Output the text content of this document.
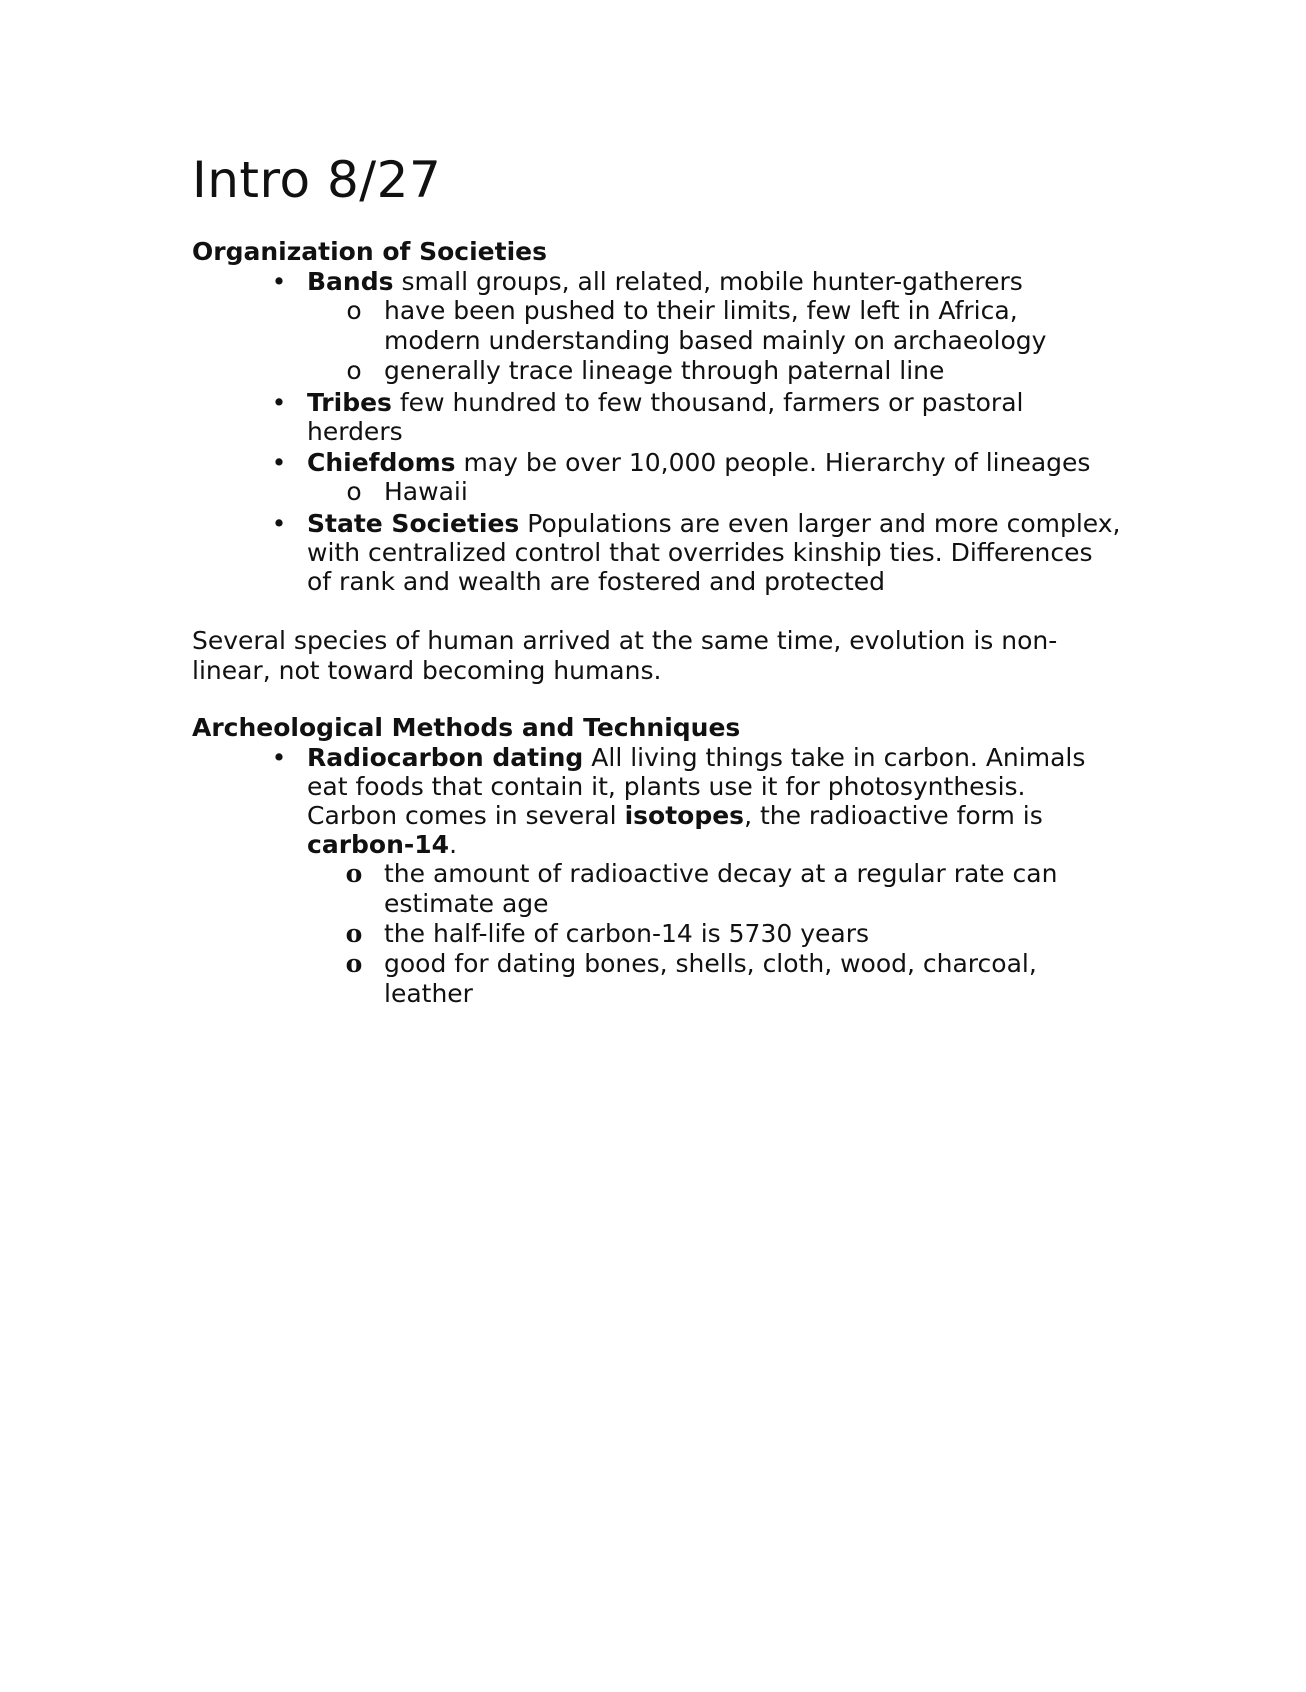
Intro 8/27
Organization of Societies
• Bands small groups, all related, mobile hunter-gatherers
o have been pushed to their limits, few left in Africa, modern understanding based mainly on archaeology
o generally trace lineage through paternal line
• Tribes few hundred to few thousand, farmers or pastoral herders
• Chiefdoms may be over 10,000 people. Hierarchy of lineages
o Hawaii
• State Societies Populations are even larger and more complex, with centralized control that overrides kinship ties. Differences of rank and wealth are fostered and protected
Several species of human arrived at the same time, evolution is non-linear, not toward becoming humans.
Archeological Methods and Techniques
• Radiocarbon dating All living things take in carbon. Animals eat foods that contain it, plants use it for photosynthesis. Carbon comes in several isotopes, the radioactive form is carbon-14.
o the amount of radioactive decay at a regular rate can estimate age
o the half-life of carbon-14 is 5730 years
o good for dating bones, shells, cloth, wood, charcoal, leather
